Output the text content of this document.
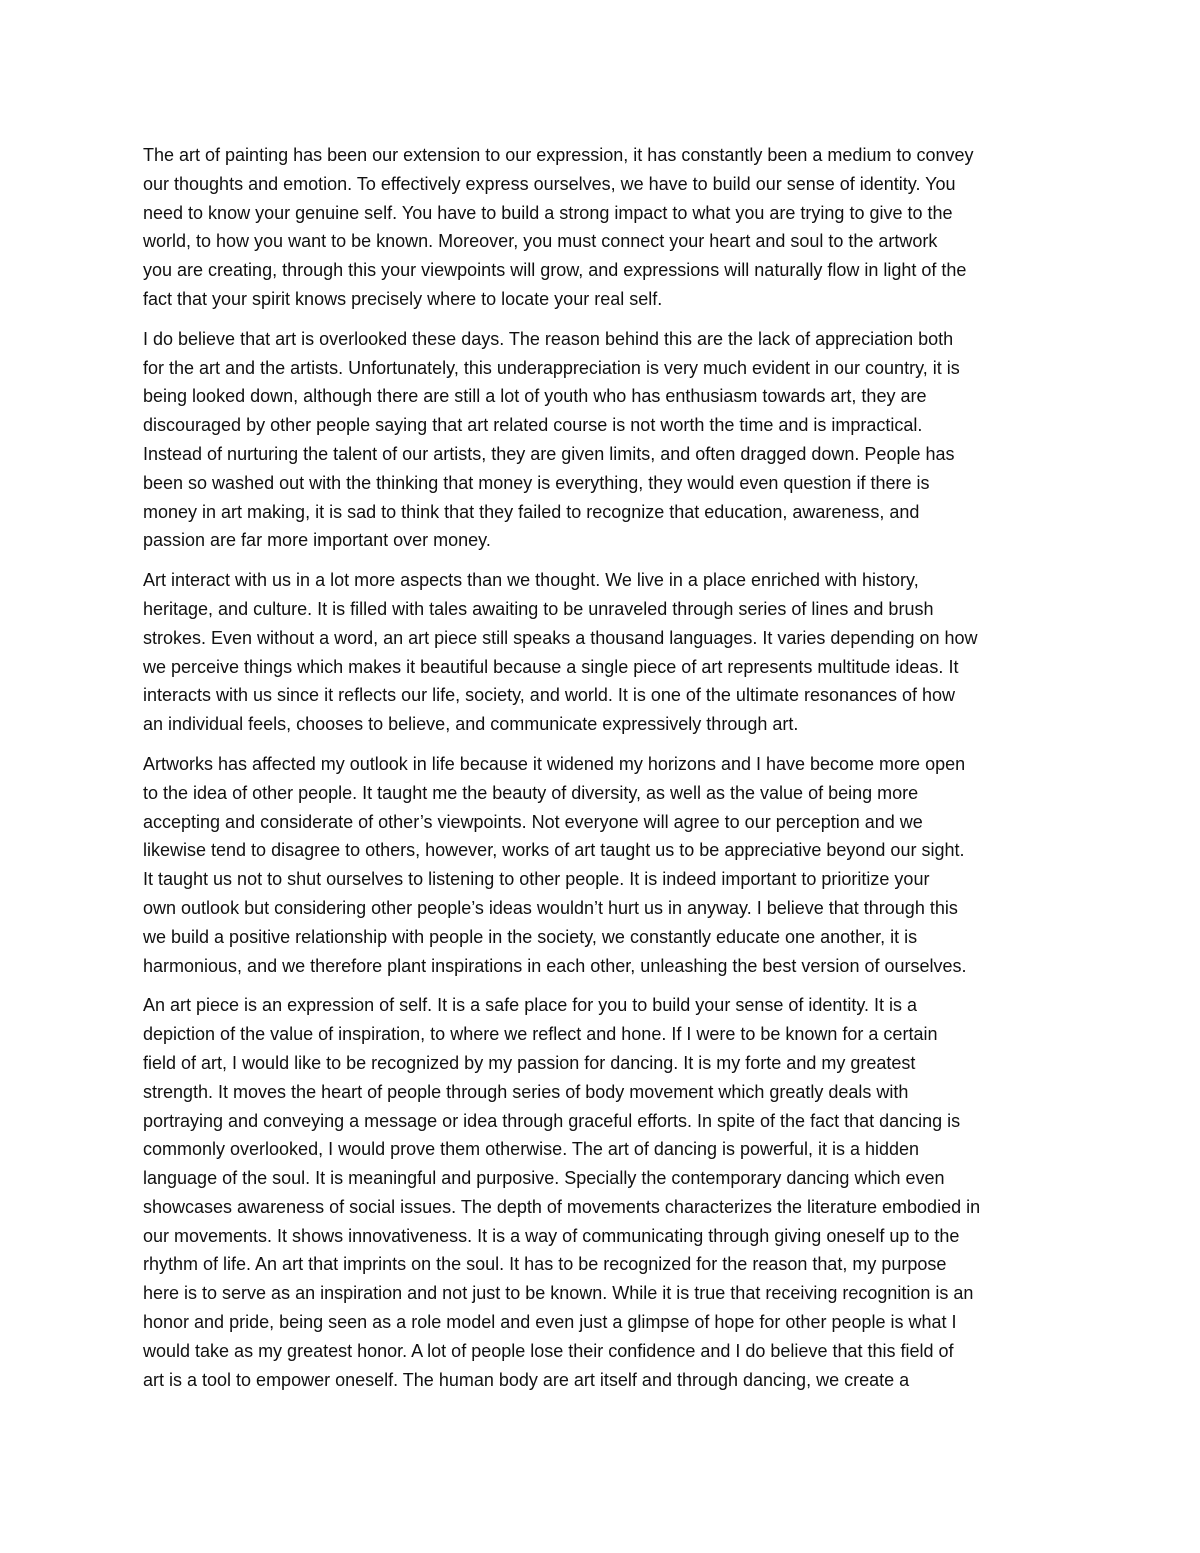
The art of painting has been our extension to our expression, it has constantly been a medium to convey
our thoughts and emotion. To effectively express ourselves, we have to build our sense of identity. You
need to know your genuine self. You have to build a strong impact to what you are trying to give to the
world, to how you want to be known. Moreover, you must connect your heart and soul to the artwork
you are creating, through this your viewpoints will grow, and expressions will naturally flow in light of the
fact that your spirit knows precisely where to locate your real self.

I do believe that art is overlooked these days. The reason behind this are the lack of appreciation both
for the art and the artists. Unfortunately, this underappreciation is very much evident in our country, it is
being looked down, although there are still a lot of youth who has enthusiasm towards art, they are
discouraged by other people saying that art related course is not worth the time and is impractical.
Instead of nurturing the talent of our artists, they are given limits, and often dragged down. People has
been so washed out with the thinking that money is everything, they would even question if there is
money in art making, it is sad to think that they failed to recognize that education, awareness, and
passion are far more important over money.

Art interact with us in a lot more aspects than we thought. We live in a place enriched with history,
heritage, and culture. It is filled with tales awaiting to be unraveled through series of lines and brush
strokes. Even without a word, an art piece still speaks a thousand languages. It varies depending on how
we perceive things which makes it beautiful because a single piece of art represents multitude ideas. It
interacts with us since it reflects our life, society, and world. It is one of the ultimate resonances of how
an individual feels, chooses to believe, and communicate expressively through art.

Artworks has affected my outlook in life because it widened my horizons and I have become more open
to the idea of other people. It taught me the beauty of diversity, as well as the value of being more
accepting and considerate of other’s viewpoints. Not everyone will agree to our perception and we
likewise tend to disagree to others, however, works of art taught us to be appreciative beyond our sight.
It taught us not to shut ourselves to listening to other people. It is indeed important to prioritize your
own outlook but considering other people’s ideas wouldn’t hurt us in anyway. I believe that through this
we build a positive relationship with people in the society, we constantly educate one another, it is
harmonious, and we therefore plant inspirations in each other, unleashing the best version of ourselves.

An art piece is an expression of self. It is a safe place for you to build your sense of identity. It is a
depiction of the value of inspiration, to where we reflect and hone. If I were to be known for a certain
field of art, I would like to be recognized by my passion for dancing. It is my forte and my greatest
strength. It moves the heart of people through series of body movement which greatly deals with
portraying and conveying a message or idea through graceful efforts. In spite of the fact that dancing is
commonly overlooked, I would prove them otherwise. The art of dancing is powerful, it is a hidden
language of the soul. It is meaningful and purposive. Specially the contemporary dancing which even
showcases awareness of social issues. The depth of movements characterizes the literature embodied in
our movements. It shows innovativeness. It is a way of communicating through giving oneself up to the
rhythm of life. An art that imprints on the soul. It has to be recognized for the reason that, my purpose
here is to serve as an inspiration and not just to be known. While it is true that receiving recognition is an
honor and pride, being seen as a role model and even just a glimpse of hope for other people is what I
would take as my greatest honor. A lot of people lose their confidence and I do believe that this field of
art is a tool to empower oneself. The human body are art itself and through dancing, we create a
